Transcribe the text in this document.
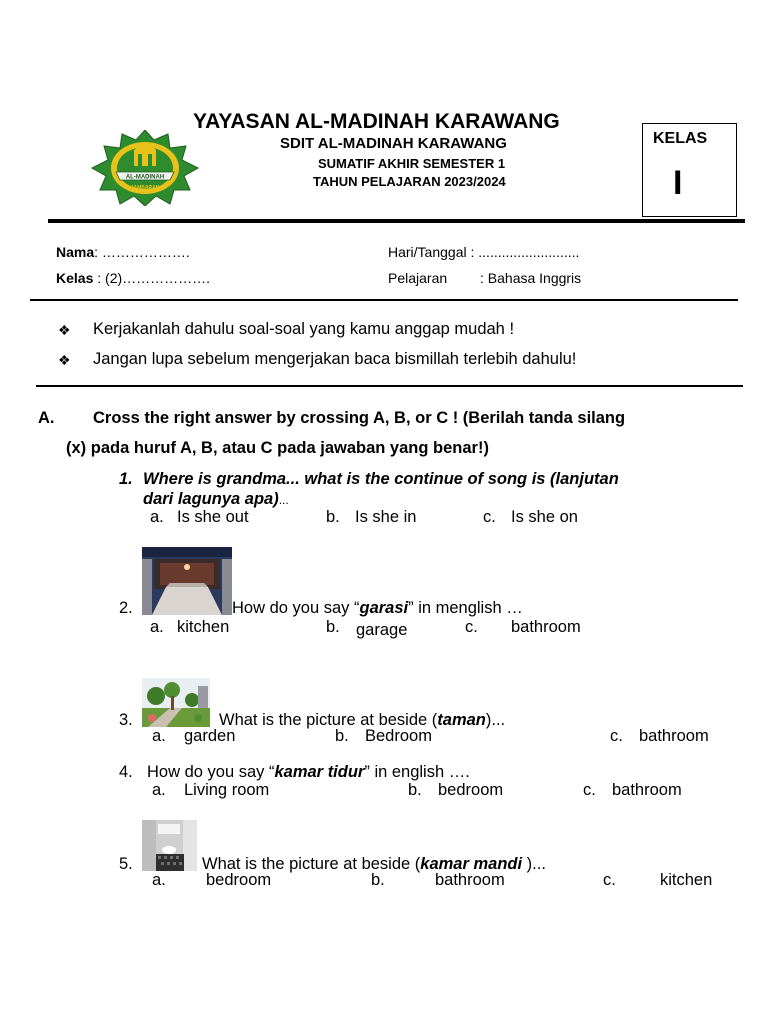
AL-MADINAH
JAMBARAN
YAYASAN AL-MADINAH KARAWANG
SDIT AL-MADINAH KARAWANG
SUMATIF AKHIR SEMESTER 1
TAHUN PELAJARAN 2023/2024
KELAS
I
Nama: ……………….
Kelas : (2)……………….
Hari/Tanggal : ..........................
Pelajaran : Bahasa Inggris
❖ Kerjakanlah dahulu soal-soal yang kamu anggap mudah !
❖ Jangan lupa sebelum mengerjakan baca bismillah terlebih dahulu!
A. Cross the right answer by crossing A, B, or C ! (Berilah tanda silang
(x) pada huruf A, B, atau C pada jawaban yang benar!)
1. Where is grandma... what is the continue of song is (lanjutan
dari lagunya apa)...
a. Is she out	b. Is she in	c. Is she on
2.	How do you say “garasi” in menglish …
a. kitchen	b. garage	c. bathroom
3.	What is the picture at beside (taman)...
a. garden	b. Bedroom	c. bathroom
4. How do you say “kamar tidur” in english ….
a. Living room	b. bedroom	c. bathroom
5.	What is the picture at beside (kamar mandi )...
a. bedroom	b.	bathroom	c.	kitchen
